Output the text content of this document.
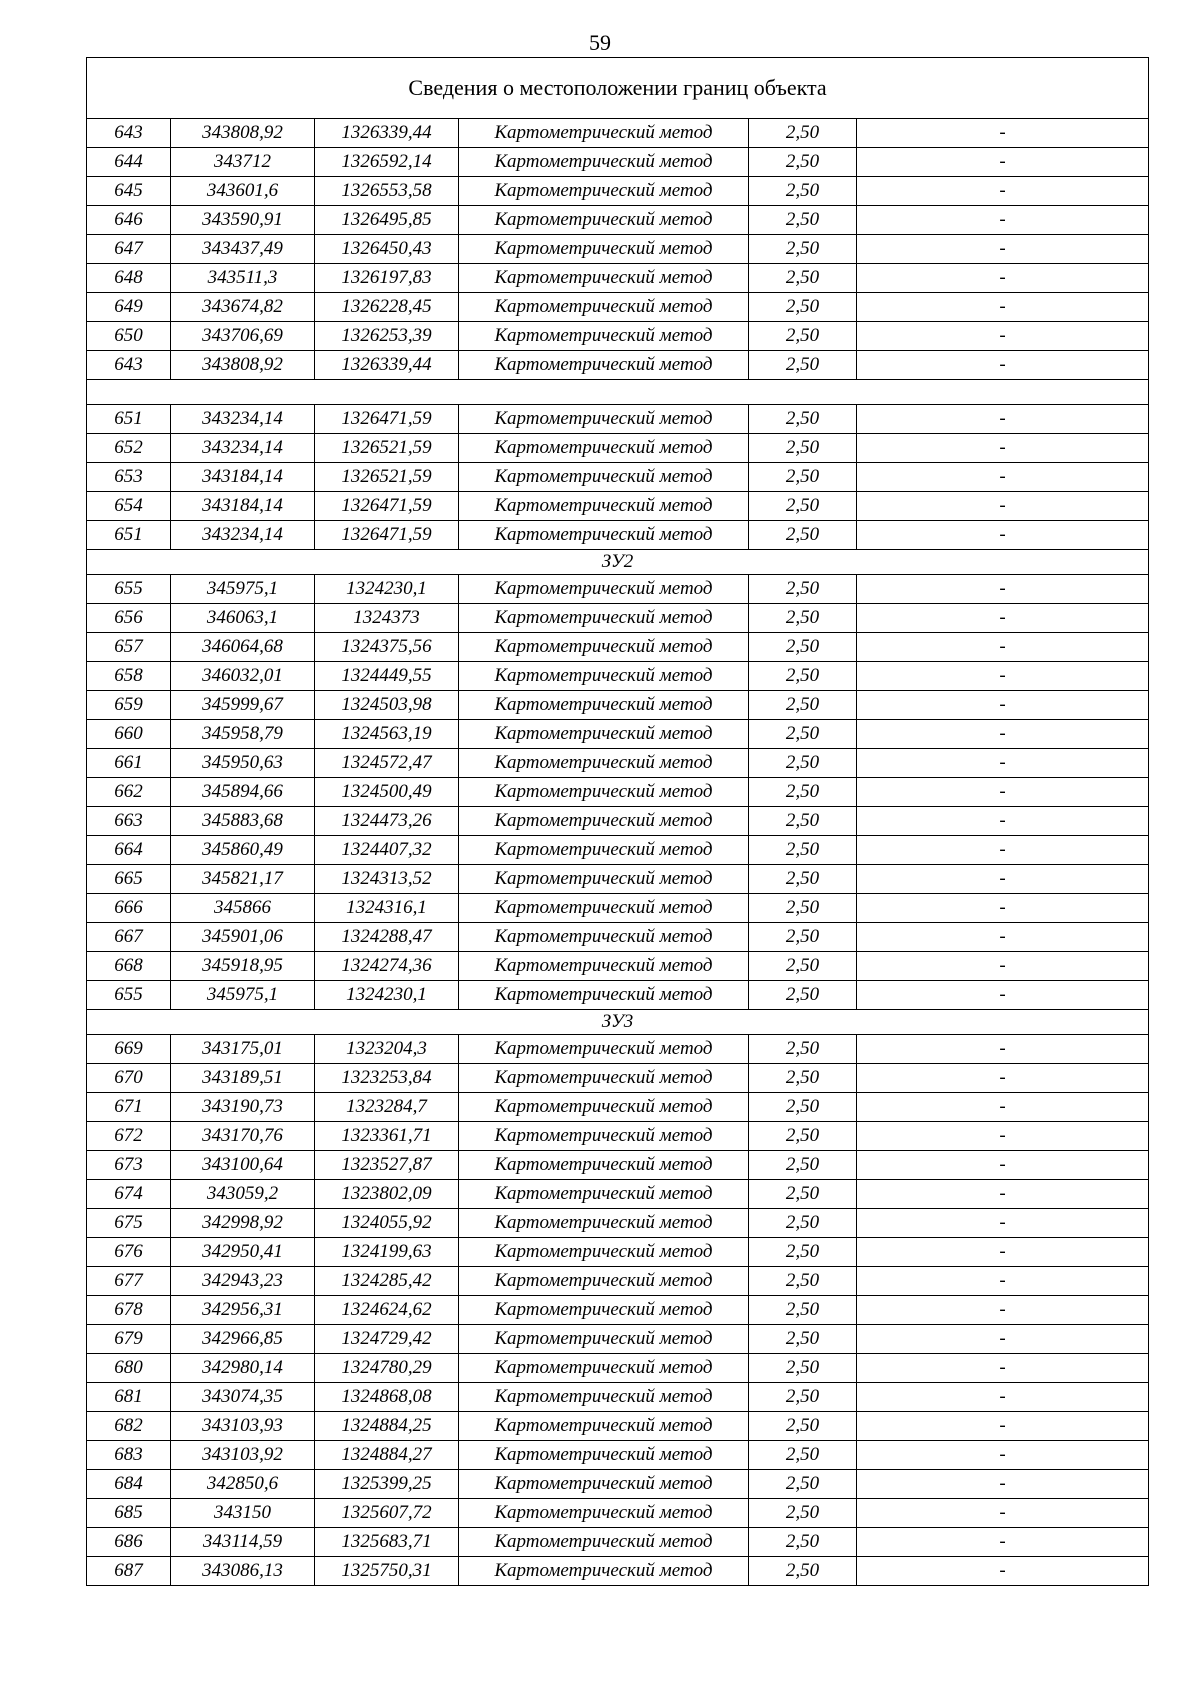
59
Сведения о местоположении границ объекта					
643	343808,92	1326339,44	Картометрический метод	2,50	-
644	343712	1326592,14	Картометрический метод	2,50	-
645	343601,6	1326553,58	Картометрический метод	2,50	-
646	343590,91	1326495,85	Картометрический метод	2,50	-
647	343437,49	1326450,43	Картометрический метод	2,50	-
648	343511,3	1326197,83	Картометрический метод	2,50	-
649	343674,82	1326228,45	Картометрический метод	2,50	-
650	343706,69	1326253,39	Картометрический метод	2,50	-
643	343808,92	1326339,44	Картометрический метод	2,50	-

651	343234,14	1326471,59	Картометрический метод	2,50	-
652	343234,14	1326521,59	Картометрический метод	2,50	-
653	343184,14	1326521,59	Картометрический метод	2,50	-
654	343184,14	1326471,59	Картометрический метод	2,50	-
651	343234,14	1326471,59	Картометрический метод	2,50	-
ЗУ2					
655	345975,1	1324230,1	Картометрический метод	2,50	-
656	346063,1	1324373	Картометрический метод	2,50	-
657	346064,68	1324375,56	Картометрический метод	2,50	-
658	346032,01	1324449,55	Картометрический метод	2,50	-
659	345999,67	1324503,98	Картометрический метод	2,50	-
660	345958,79	1324563,19	Картометрический метод	2,50	-
661	345950,63	1324572,47	Картометрический метод	2,50	-
662	345894,66	1324500,49	Картометрический метод	2,50	-
663	345883,68	1324473,26	Картометрический метод	2,50	-
664	345860,49	1324407,32	Картометрический метод	2,50	-
665	345821,17	1324313,52	Картометрический метод	2,50	-
666	345866	1324316,1	Картометрический метод	2,50	-
667	345901,06	1324288,47	Картометрический метод	2,50	-
668	345918,95	1324274,36	Картометрический метод	2,50	-
655	345975,1	1324230,1	Картометрический метод	2,50	-
ЗУ3					
669	343175,01	1323204,3	Картометрический метод	2,50	-
670	343189,51	1323253,84	Картометрический метод	2,50	-
671	343190,73	1323284,7	Картометрический метод	2,50	-
672	343170,76	1323361,71	Картометрический метод	2,50	-
673	343100,64	1323527,87	Картометрический метод	2,50	-
674	343059,2	1323802,09	Картометрический метод	2,50	-
675	342998,92	1324055,92	Картометрический метод	2,50	-
676	342950,41	1324199,63	Картометрический метод	2,50	-
677	342943,23	1324285,42	Картометрический метод	2,50	-
678	342956,31	1324624,62	Картометрический метод	2,50	-
679	342966,85	1324729,42	Картометрический метод	2,50	-
680	342980,14	1324780,29	Картометрический метод	2,50	-
681	343074,35	1324868,08	Картометрический метод	2,50	-
682	343103,93	1324884,25	Картометрический метод	2,50	-
683	343103,92	1324884,27	Картометрический метод	2,50	-
684	342850,6	1325399,25	Картометрический метод	2,50	-
685	343150	1325607,72	Картометрический метод	2,50	-
686	343114,59	1325683,71	Картометрический метод	2,50	-
687	343086,13	1325750,31	Картометрический метод	2,50	-
